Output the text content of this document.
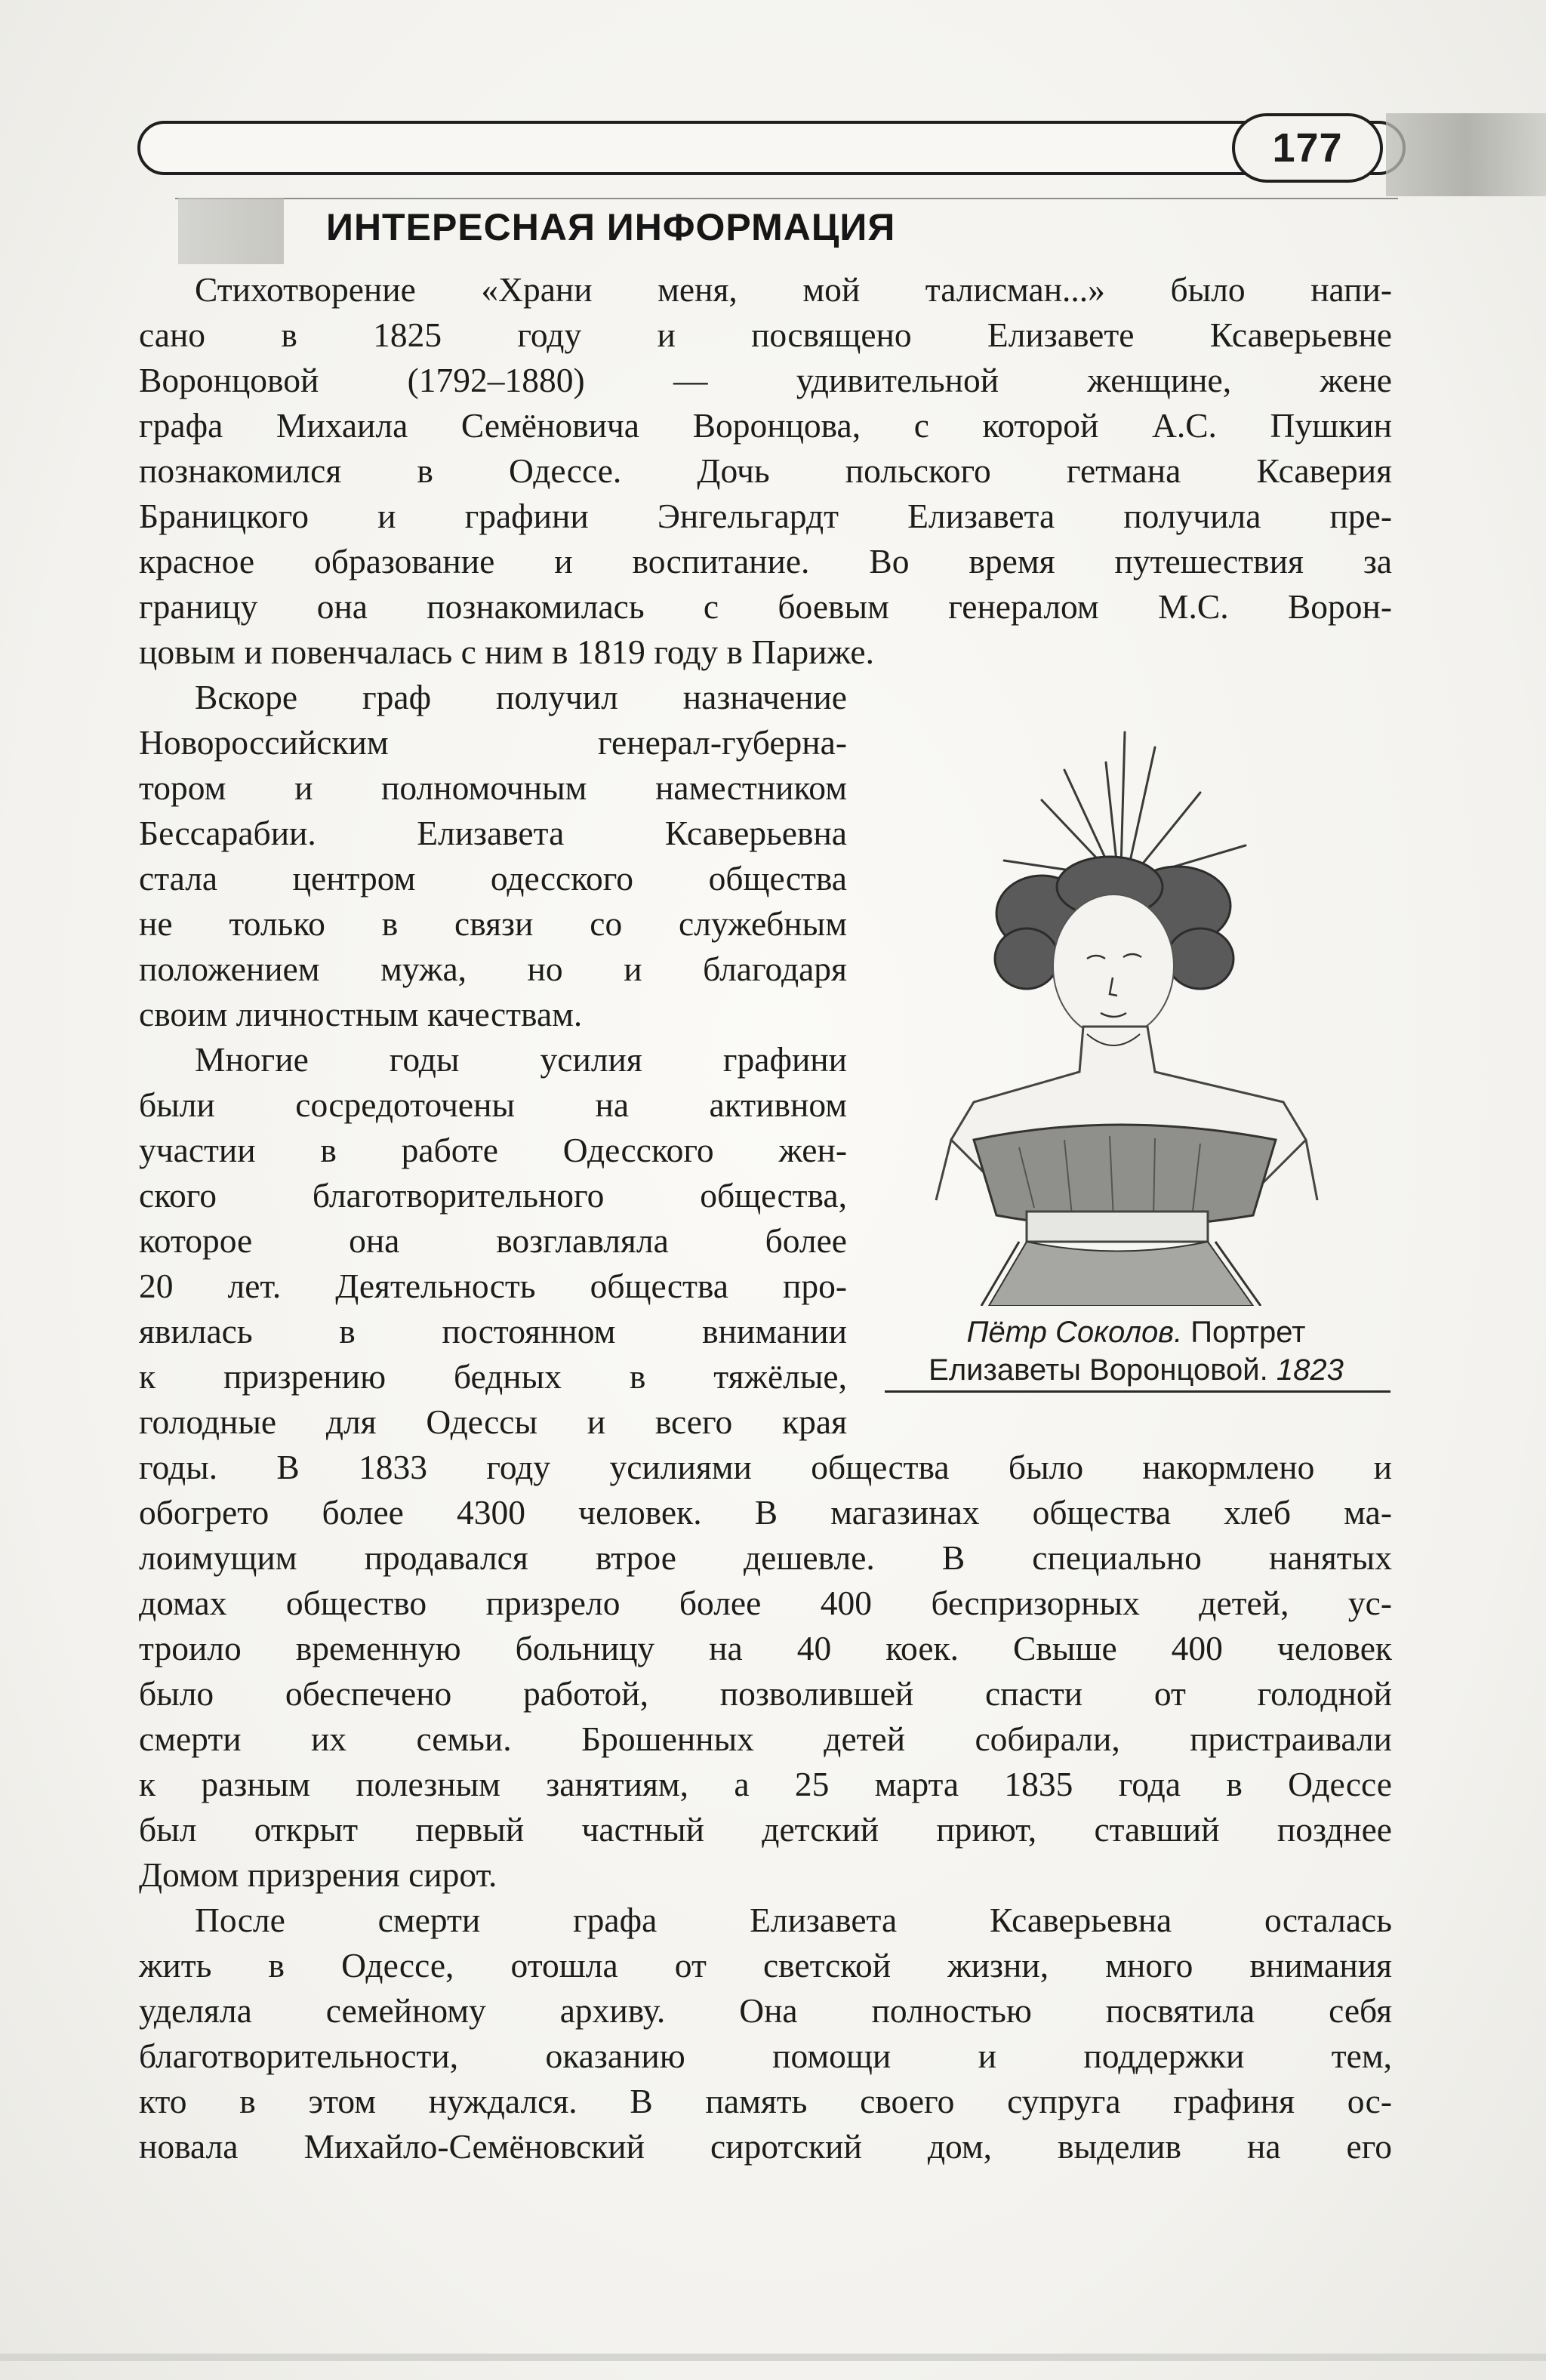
177
ИНТЕРЕСНАЯ ИНФОРМАЦИЯ
Стихотворение «Храни меня, мой талисман...» было напи-
сано в 1825 году и посвящено Елизавете Ксаверьевне
Воронцовой (1792–1880) — удивительной женщине, жене
графа Михаила Семёновича Воронцова, с которой А.С. Пушкин
познакомился в Одессе. Дочь польского гетмана Ксаверия
Браницкого и графини Энгельгардт Елизавета получила пре-
красное образование и воспитание. Во время путешествия за
границу она познакомилась с боевым генералом М.С. Ворон-
цовым и повенчалась с ним в 1819 году в Париже.
Вскоре граф получил назначение
Новороссийским генерал-губерна-
тором и полномочным наместником
Бессарабии. Елизавета Ксаверьевна
стала центром одесского общества
не только в связи со служебным
положением мужа, но и благодаря
своим личностным качествам.
Многие годы усилия графини
были сосредоточены на активном
участии в работе Одесского жен-
ского благотворительного общества,
которое она возглавляла более
20 лет. Деятельность общества про-
явилась в постоянном внимании
к призрению бедных в тяжёлые,
голодные для Одессы и всего края
годы. В 1833 году усилиями общества было накормлено и
обогрето более 4300 человек. В магазинах общества хлеб ма-
лоимущим продавался втрое дешевле. В специально нанятых
домах общество призрело более 400 беспризорных детей, ус-
троило временную больницу на 40 коек. Свыше 400 человек
было обеспечено работой, позволившей спасти от голодной
смерти их семьи. Брошенных детей собирали, пристраивали
к разным полезным занятиям, а 25 марта 1835 года в Одессе
был открыт первый частный детский приют, ставший позднее
Домом призрения сирот.
После смерти графа Елизавета Ксаверьевна осталась
жить в Одессе, отошла от светской жизни, много внимания
уделяла семейному архиву. Она полностью посвятила себя
благотворительности, оказанию помощи и поддержки тем,
кто в этом нуждался. В память своего супруга графиня ос-
новала Михайло-Семёновский сиротский дом, выделив на его
Пётр Соколов. Портрет
Елизаветы Воронцовой. 1823
